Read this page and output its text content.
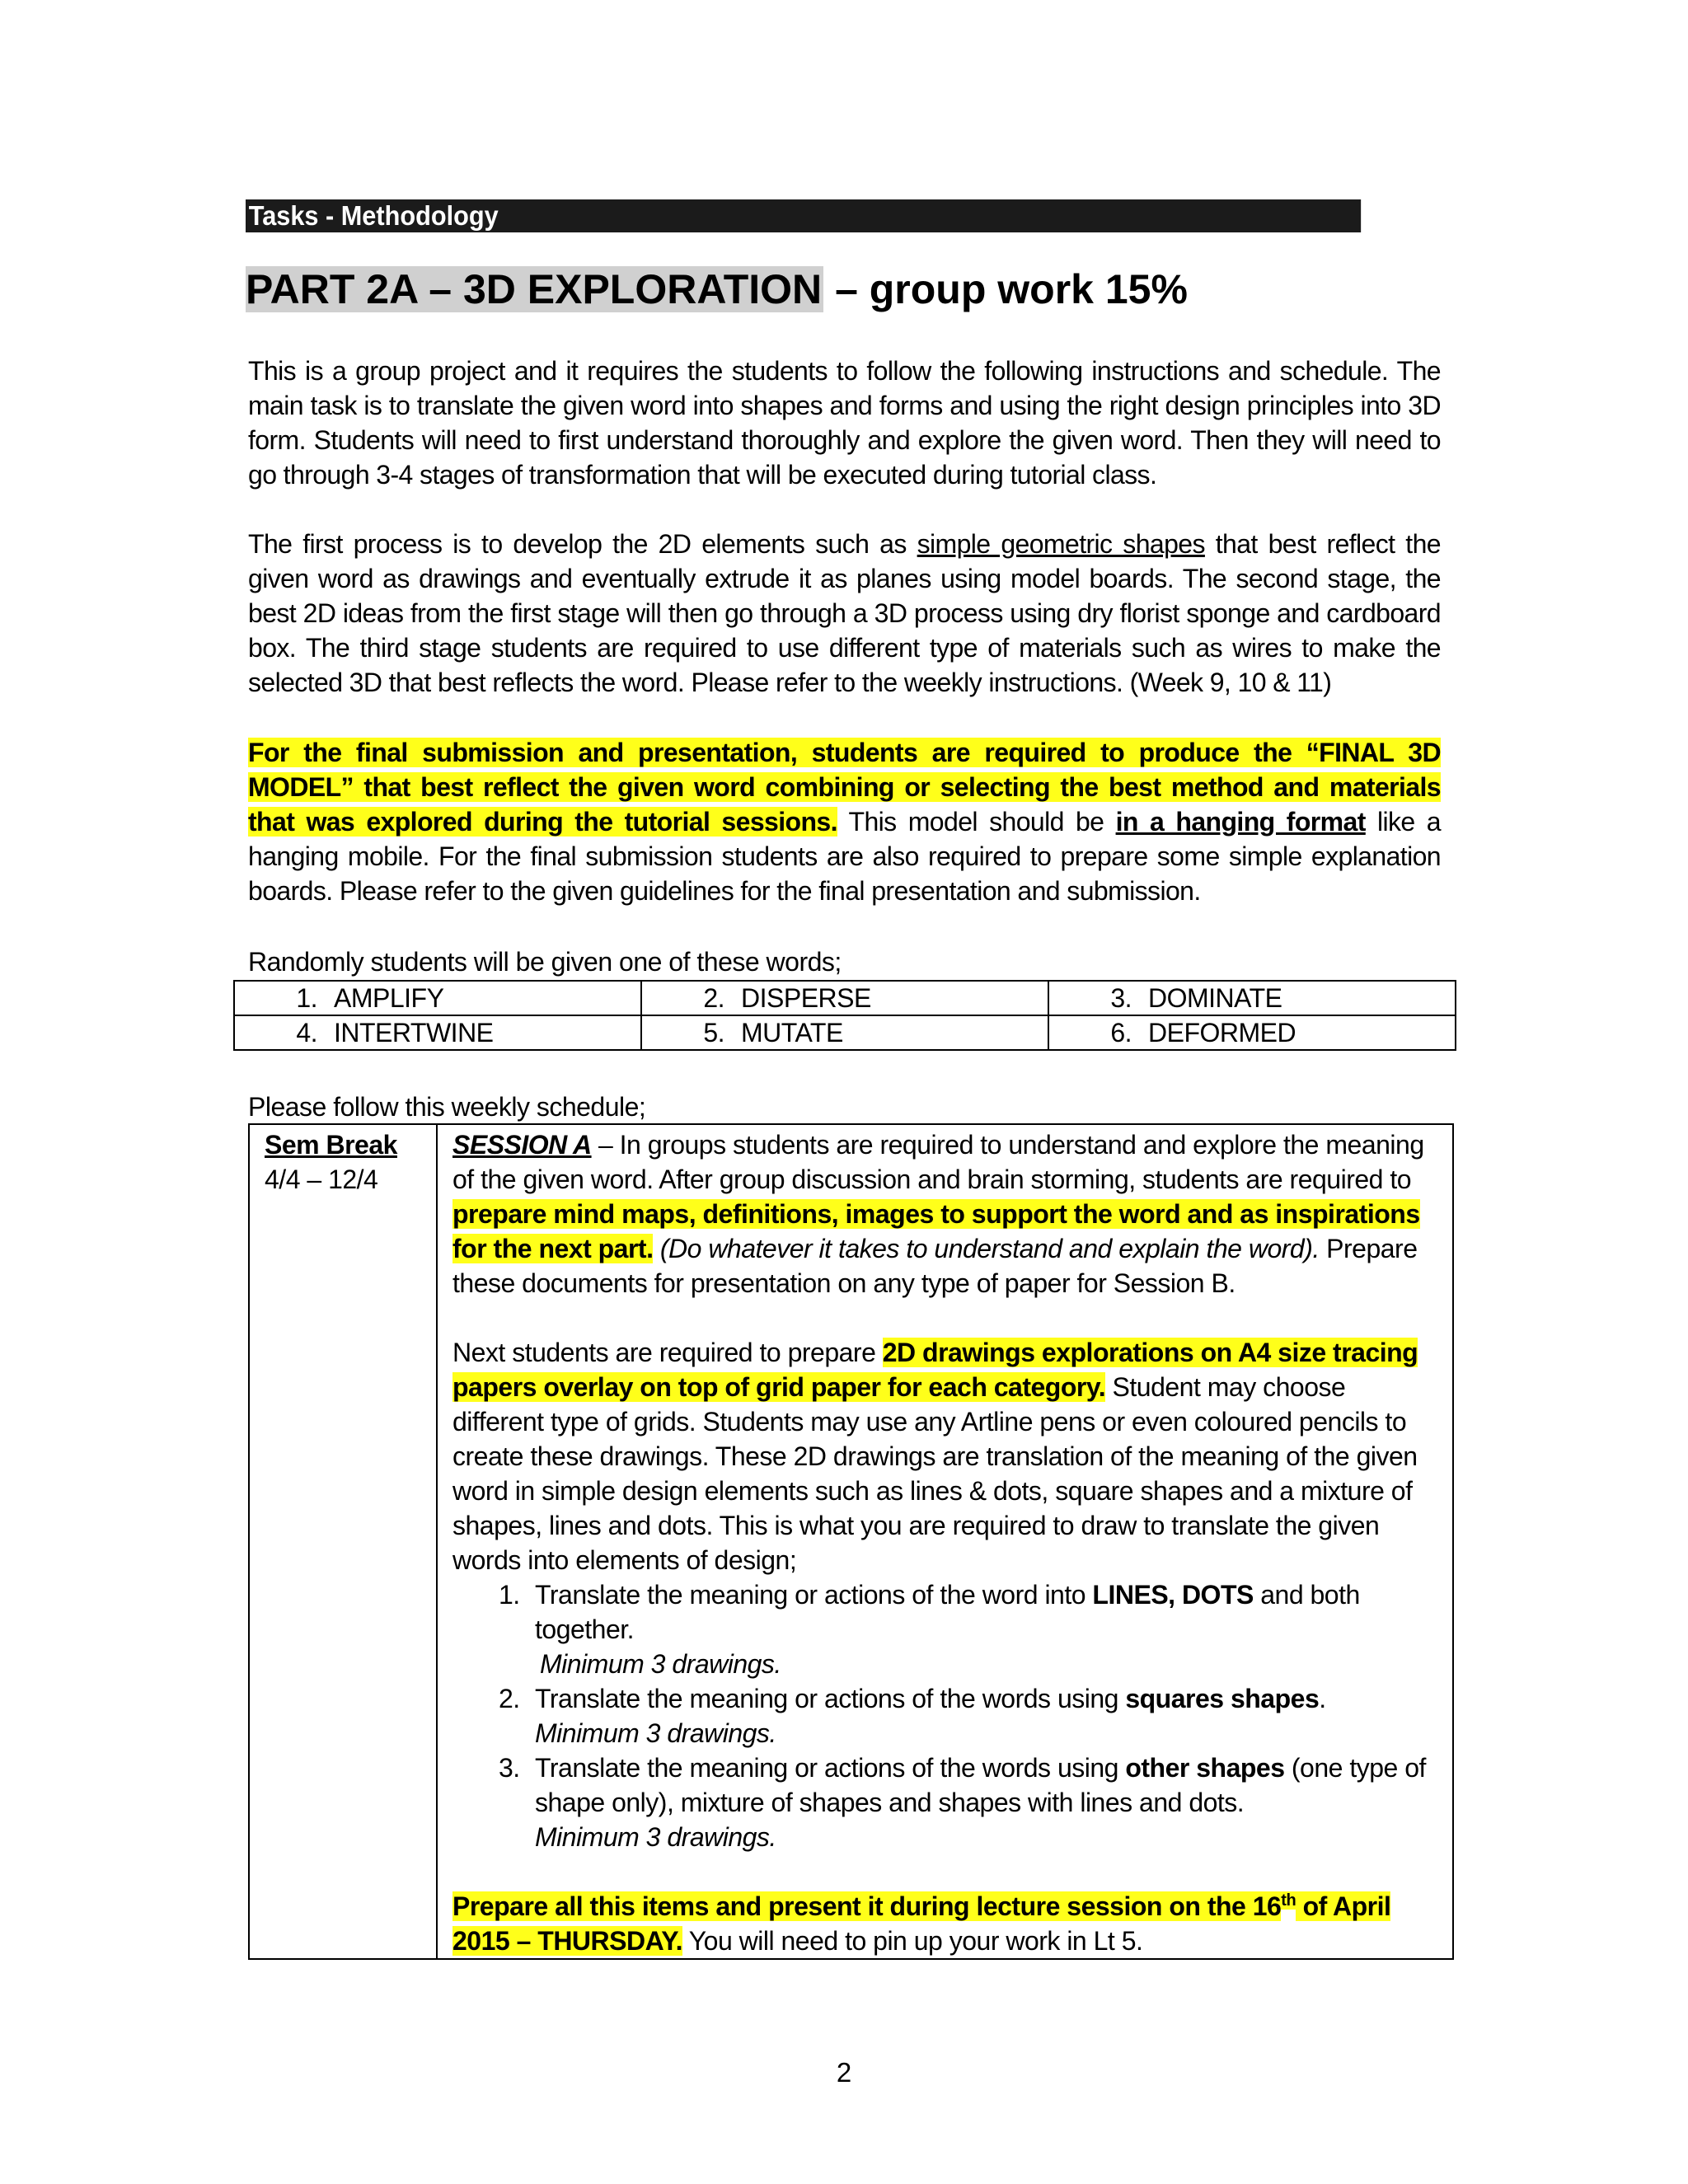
Tasks - Methodology
PART 2A – 3D EXPLORATION – group work 15%

This is a group project and it requires the students to follow the following instructions and schedule. The main task is to translate the given word into shapes and forms and using the right design principles into 3D form. Students will need to first understand thoroughly and explore the given word. Then they will need to go through 3-4 stages of transformation that will be executed during tutorial class.

The first process is to develop the 2D elements such as simple geometric shapes that best reflect the given word as drawings and eventually extrude it as planes using model boards. The second stage, the best 2D ideas from the first stage will then go through a 3D process using dry florist sponge and cardboard box. The third stage students are required to use different type of materials such as wires to make the selected 3D that best reflects the word. Please refer to the weekly instructions. (Week 9, 10 & 11)

For the final submission and presentation, students are required to produce the “FINAL 3D MODEL” that best reflect the given word combining or selecting the best method and materials that was explored during the tutorial sessions. This model should be in a hanging format like a hanging mobile. For the final submission students are also required to prepare some simple explanation boards. Please refer to the given guidelines for the final presentation and submission.

Randomly students will be given one of these words;
1. AMPLIFY	2. DISPERSE	3. DOMINATE
4. INTERTWINE	5. MUTATE	6. DEFORMED
Please follow this weekly schedule;
Sem Break
4/4 – 12/4

SESSION A – In groups students are required to understand and explore the meaning of the given word. After group discussion and brain storming, students are required to prepare mind maps, definitions, images to support the word and as inspirations for the next part. (Do whatever it takes to understand and explain the word). Prepare these documents for presentation on any type of paper for Session B.
Next students are required to prepare 2D drawings explorations on A4 size tracing papers overlay on top of grid paper for each category. Student may choose different type of grids. Students may use any Artline pens or even coloured pencils to create these drawings. These 2D drawings are translation of the meaning of the given word in simple design elements such as lines & dots, square shapes and a mixture of shapes, lines and dots. This is what you are required to draw to translate the given words into elements of design;
1. Translate the meaning or actions of the word into LINES, DOTS and both together.
Minimum 3 drawings.
2. Translate the meaning or actions of the words using squares shapes.
Minimum 3 drawings.
3. Translate the meaning or actions of the words using other shapes (one type of shape only), mixture of shapes and shapes with lines and dots.
Minimum 3 drawings.
Prepare all this items and present it during lecture session on the 16th of April 2015 – THURSDAY. You will need to pin up your work in Lt 5.
2
